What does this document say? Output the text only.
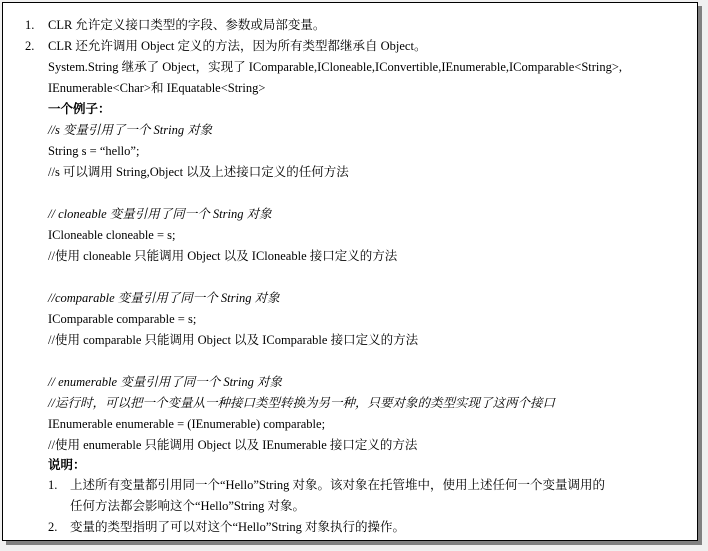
1. CLR 允许定义接口类型的字段、参数或局部变量。
2. CLR 还允许调用 Object 定义的方法，因为所有类型都继承自 Object。
System.String 继承了 Object，实现了 IComparable,ICloneable,IConvertible,IEnumerable,IComparable<String>,
IEnumerable<Char>和 IEquatable<String>
一个例子：
//s 变量引用了一个 String 对象
String s = “hello”;
//s 可以调用 String,Object 以及上述接口定义的任何方法
// cloneable 变量引用了同一个 String 对象
ICloneable cloneable = s;
//使用 cloneable 只能调用 Object 以及 ICloneable 接口定义的方法
//comparable 变量引用了同一个 String 对象
IComparable comparable = s;
//使用 comparable 只能调用 Object 以及 IComparable 接口定义的方法
// enumerable 变量引用了同一个 String 对象
//运行时，可以把一个变量从一种接口类型转换为另一种，只要对象的类型实现了这两个接口
IEnumerable enumerable = (IEnumerable) comparable;
//使用 enumerable 只能调用 Object 以及 IEnumerable 接口定义的方法
说明：
1. 上述所有变量都引用同一个“Hello”String 对象。该对象在托管堆中，使用上述任何一个变量调用的
任何方法都会影响这个“Hello”String 对象。
2. 变量的类型指明了可以对这个“Hello”String 对象执行的操作。
